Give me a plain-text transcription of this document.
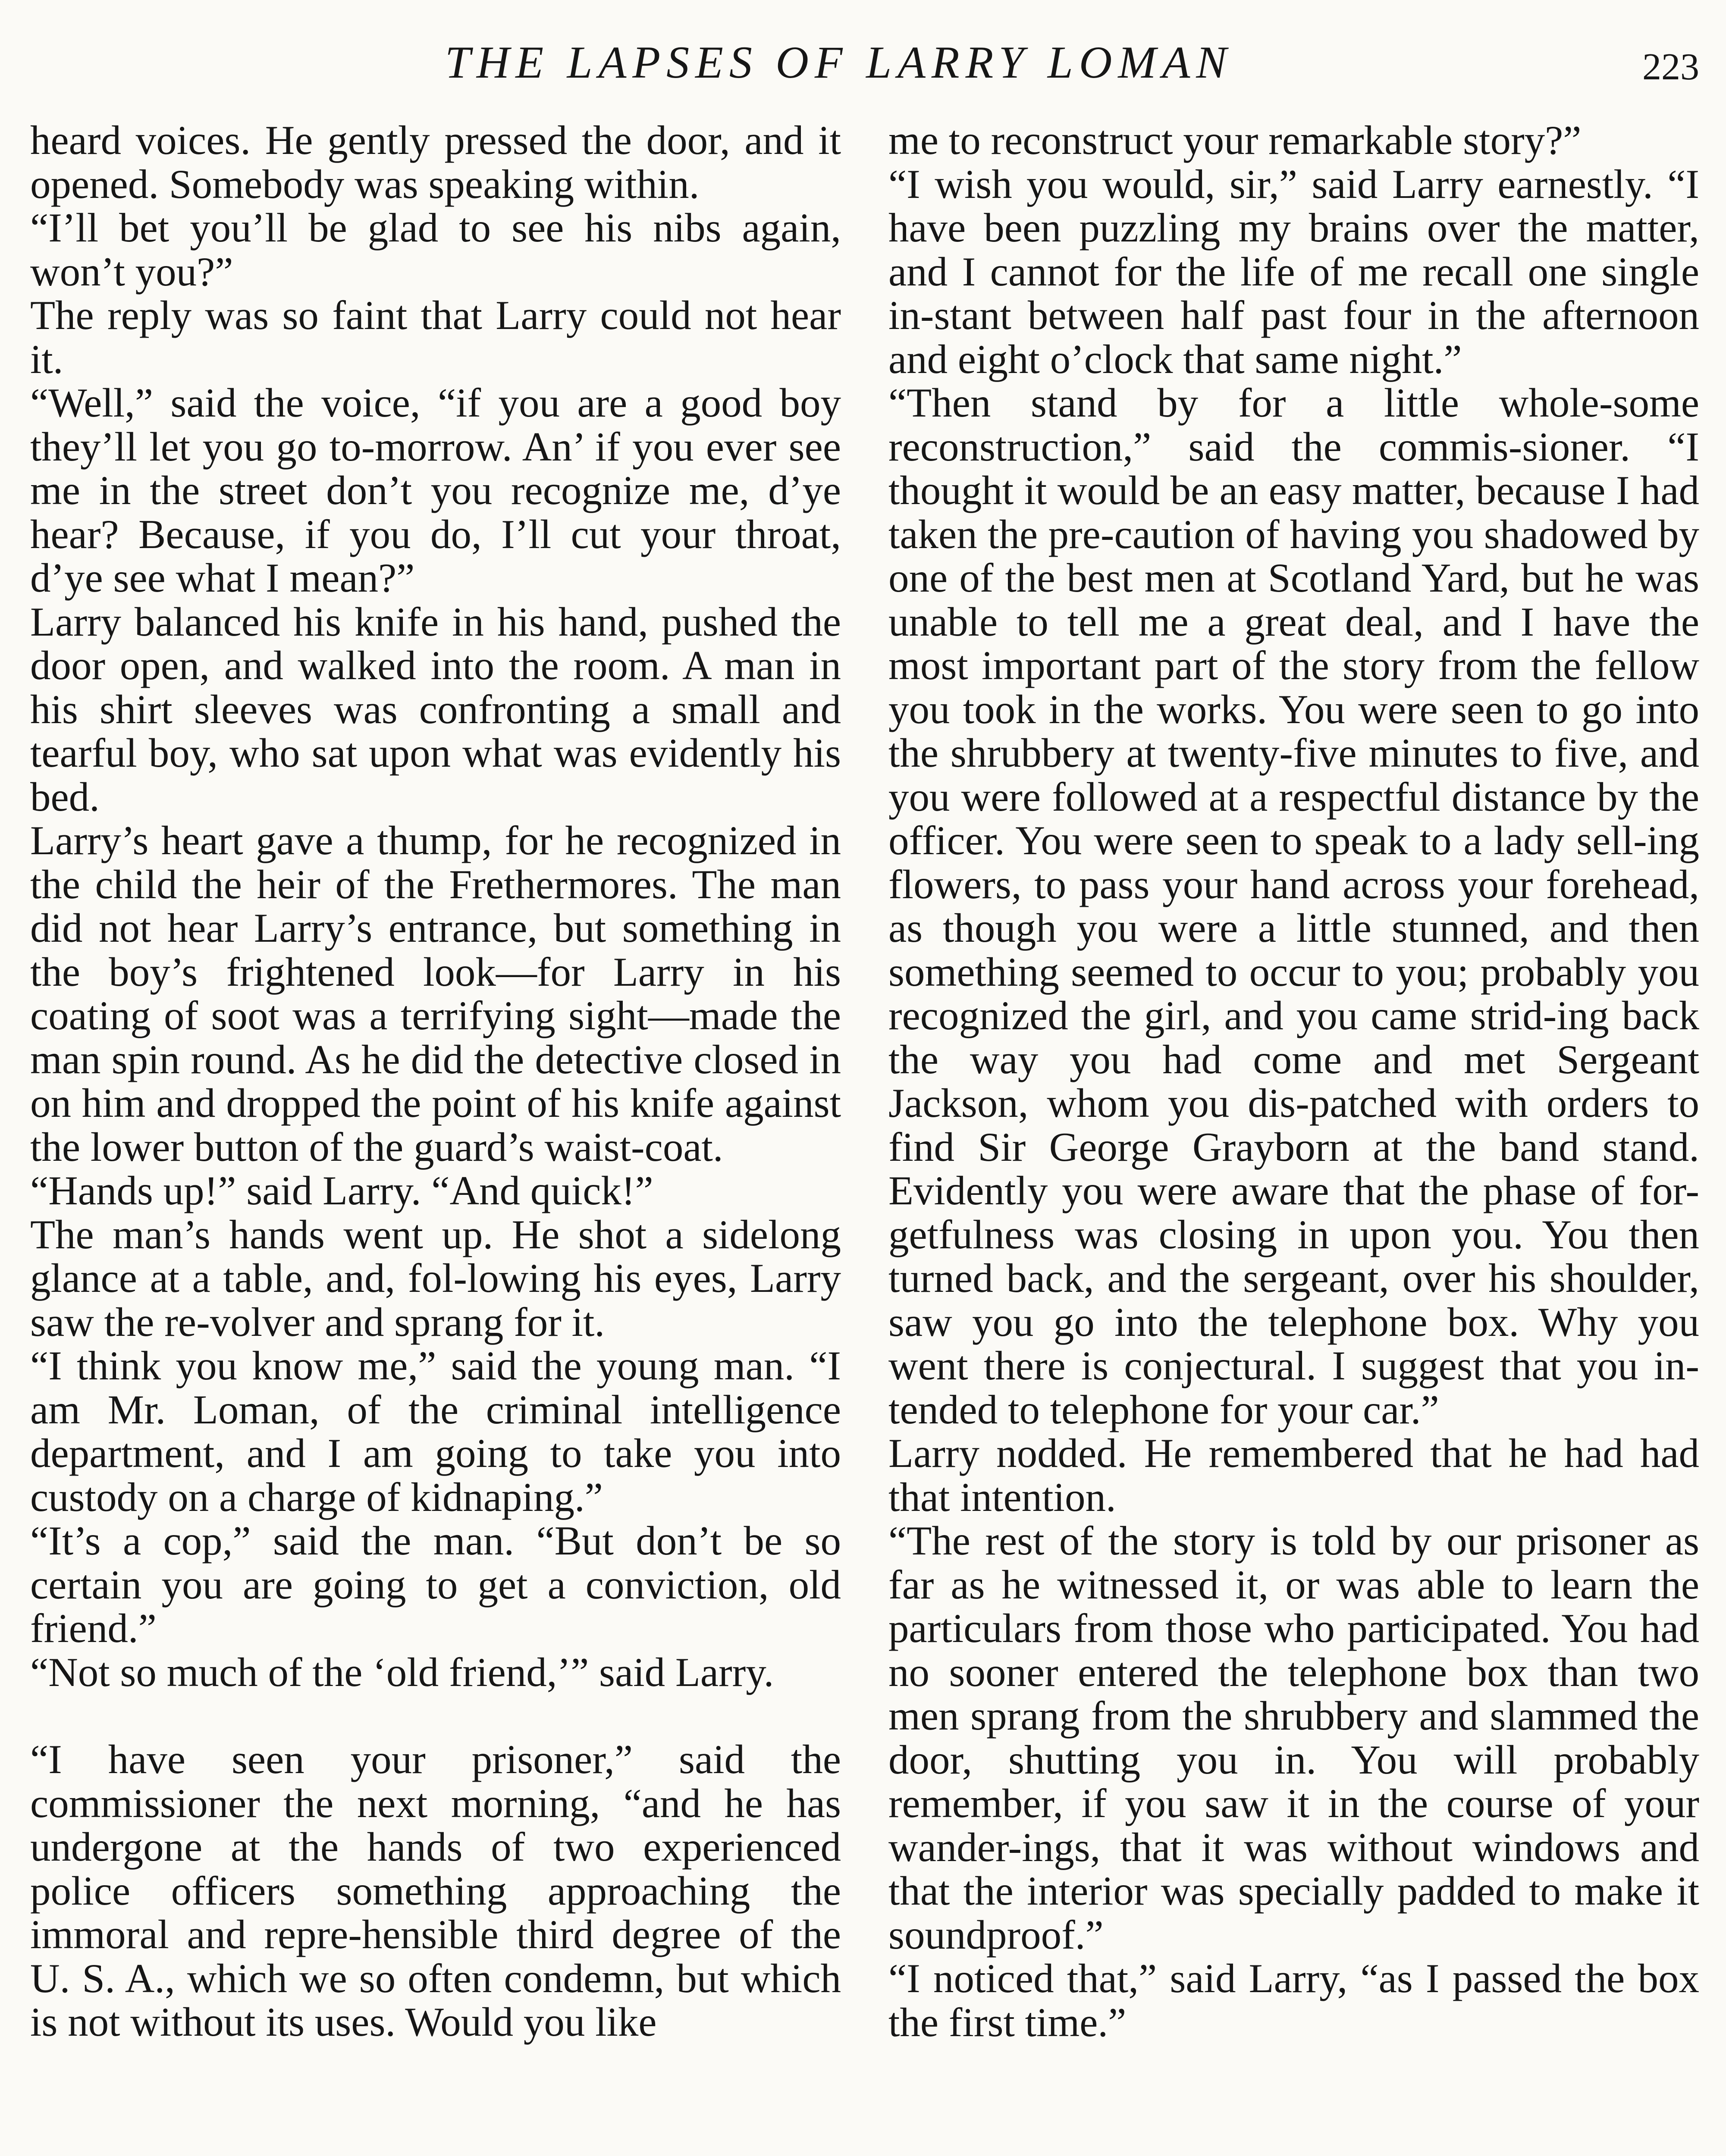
THE LAPSES OF LARRY LOMAN	223

heard voices. He gently pressed the door, and it opened. Somebody was speaking within.

“I’ll bet you’ll be glad to see his nibs again, won’t you?”

The reply was so faint that Larry could not hear it.

“Well,” said the voice, “if you are a good boy they’ll let you go to-morrow. An’ if you ever see me in the street don’t you recognize me, d’ye hear? Because, if you do, I’ll cut your throat, d’ye see what I mean?”

Larry balanced his knife in his hand, pushed the door open, and walked into the room. A man in his shirt sleeves was confronting a small and tearful boy, who sat upon what was evidently his bed.

Larry’s heart gave a thump, for he recognized in the child the heir of the Frethermores. The man did not hear Larry’s entrance, but something in the boy’s frightened look—for Larry in his coating of soot was a terrifying sight—made the man spin round. As he did the detective closed in on him and dropped the point of his knife against the lower button of the guard’s waist-coat.

“Hands up!” said Larry. “And quick!”

The man’s hands went up. He shot a sidelong glance at a table, and, fol-lowing his eyes, Larry saw the re-volver and sprang for it.

“I think you know me,” said the young man. “I am Mr. Loman, of the criminal intelligence department, and I am going to take you into custody on a charge of kidnaping.”

“It’s a cop,” said the man. “But don’t be so certain you are going to get a conviction, old friend.”

“Not so much of the ‘old friend,’” said Larry.

“I have seen your prisoner,” said the commissioner the next morning, “and he has undergone at the hands of two experienced police officers something approaching the immoral and repre-hensible third degree of the U. S. A., which we so often condemn, but which is not without its uses. Would you like

me to reconstruct your remarkable story?”

“I wish you would, sir,” said Larry earnestly. “I have been puzzling my brains over the matter, and I cannot for the life of me recall one single in-stant between half past four in the afternoon and eight o’clock that same night.”

“Then stand by for a little whole-some reconstruction,” said the commis-sioner. “I thought it would be an easy matter, because I had taken the pre-caution of having you shadowed by one of the best men at Scotland Yard, but he was unable to tell me a great deal, and I have the most important part of the story from the fellow you took in the works. You were seen to go into the shrubbery at twenty-five minutes to five, and you were followed at a respectful distance by the officer. You were seen to speak to a lady sell-ing flowers, to pass your hand across your forehead, as though you were a little stunned, and then something seemed to occur to you; probably you recognized the girl, and you came strid-ing back the way you had come and met Sergeant Jackson, whom you dis-patched with orders to find Sir George Grayborn at the band stand. Evidently you were aware that the phase of for-getfulness was closing in upon you. You then turned back, and the sergeant, over his shoulder, saw you go into the telephone box. Why you went there is conjectural. I suggest that you in-tended to telephone for your car.”

Larry nodded. He remembered that he had had that intention.

“The rest of the story is told by our prisoner as far as he witnessed it, or was able to learn the particulars from those who participated. You had no sooner entered the telephone box than two men sprang from the shrubbery and slammed the door, shutting you in. You will probably remember, if you saw it in the course of your wander-ings, that it was without windows and that the interior was specially padded to make it soundproof.”

“I noticed that,” said Larry, “as I passed the box the first time.”
